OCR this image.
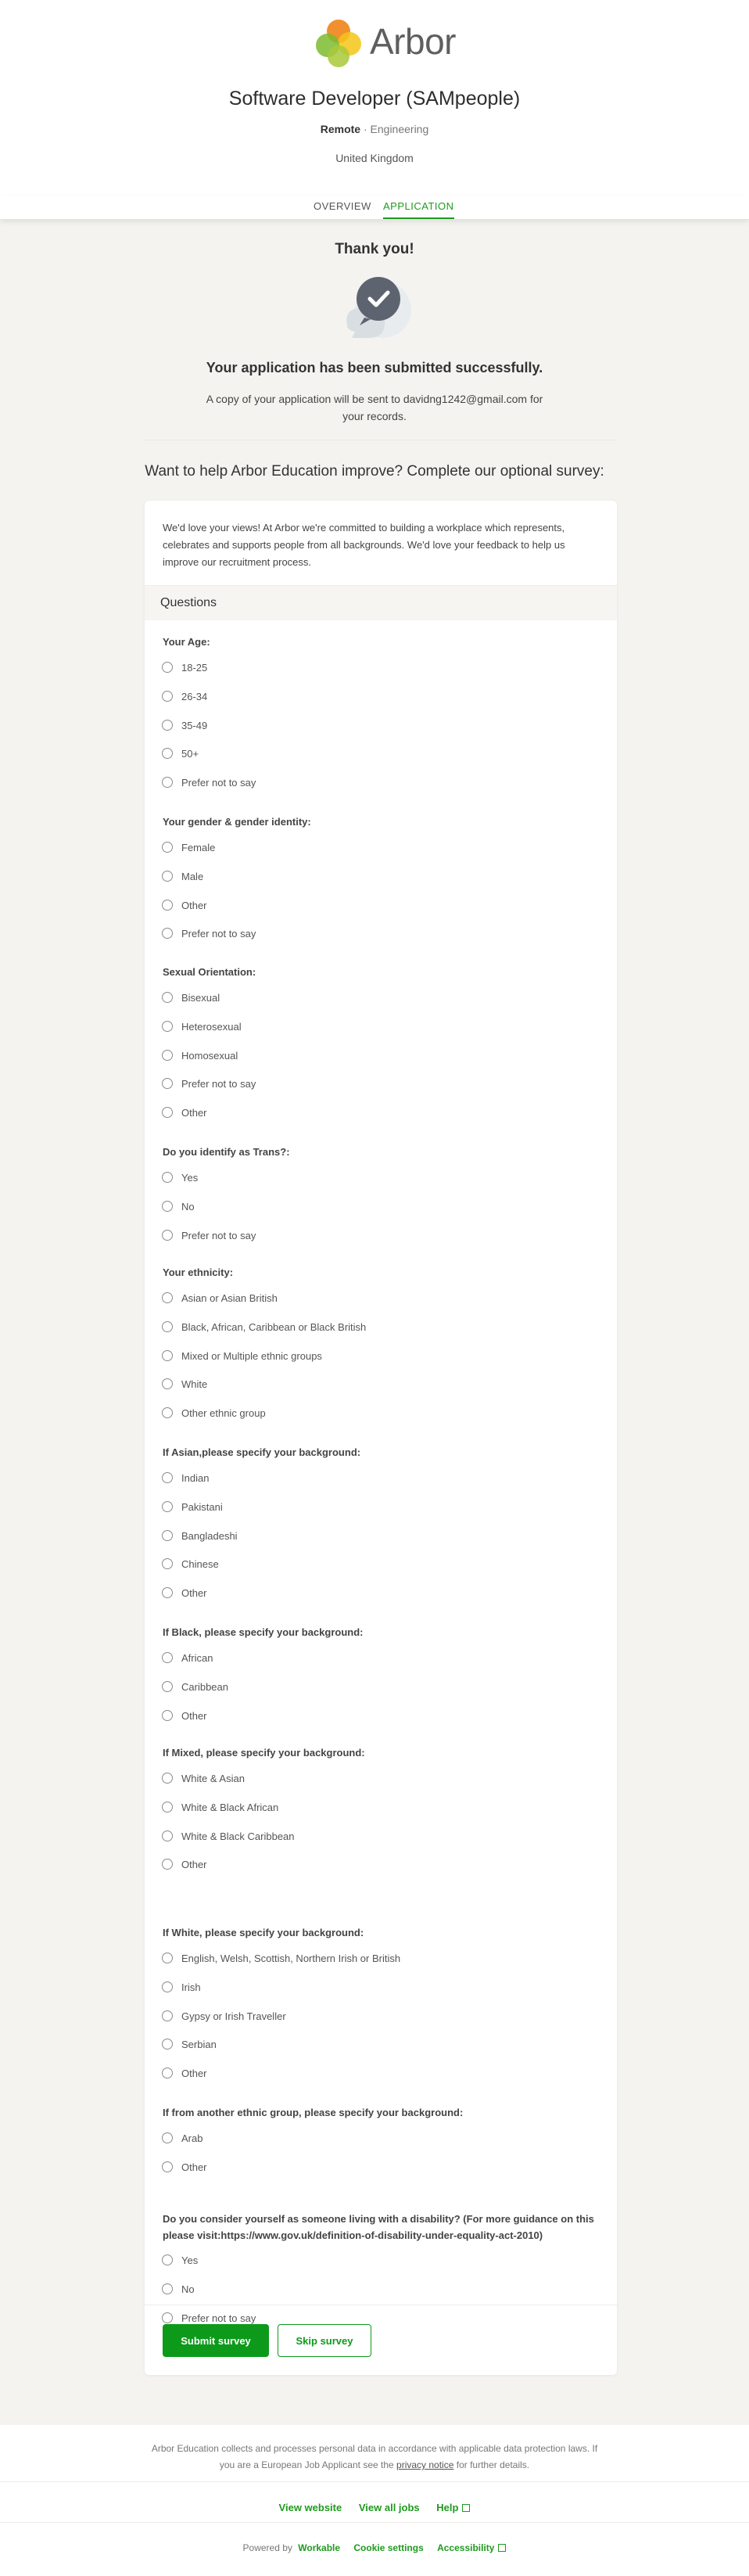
Arbor
Software Developer (SAMpeople)
Remote · Engineering
United Kingdom
OVERVIEW APPLICATION
Thank you!
Your application has been submitted successfully.
A copy of your application will be sent to davidng1242@gmail.com for your records.
Want to help Arbor Education improve? Complete our optional survey:
We'd love your views! At Arbor we're committed to building a workplace which represents, celebrates and supports people from all backgrounds. We'd love your feedback to help us improve our recruitment process.
Questions
Your Age:
18-25
26-34
35-49
50+
Prefer not to say
Your gender & gender identity:
Female
Male
Other
Prefer not to say
Sexual Orientation:
Bisexual
Heterosexual
Homosexual
Prefer not to say
Other
Do you identify as Trans?:
Yes
No
Prefer not to say
Your ethnicity:
Asian or Asian British
Black, African, Caribbean or Black British
Mixed or Multiple ethnic groups
White
Other ethnic group
If Asian,please specify your background:
Indian
Pakistani
Bangladeshi
Chinese
Other
If Black, please specify your background:
African
Caribbean
Other
If Mixed, please specify your background:
White & Asian
White & Black African
White & Black Caribbean
Other
If White, please specify your background:
English, Welsh, Scottish, Northern Irish or British
Irish
Gypsy or Irish Traveller
Serbian
Other
If from another ethnic group, please specify your background:
Arab
Other
Do you consider yourself as someone living with a disability? (For more guidance on this please visit:https://www.gov.uk/definition-of-disability-under-equality-act-2010)
Yes
No
Prefer not to say
Submit survey	Skip survey
Arbor Education collects and processes personal data in accordance with applicable data protection laws. If you are a European Job Applicant see the privacy notice for further details.
View website View all jobs Help
Powered by Workable Cookie settings Accessibility
